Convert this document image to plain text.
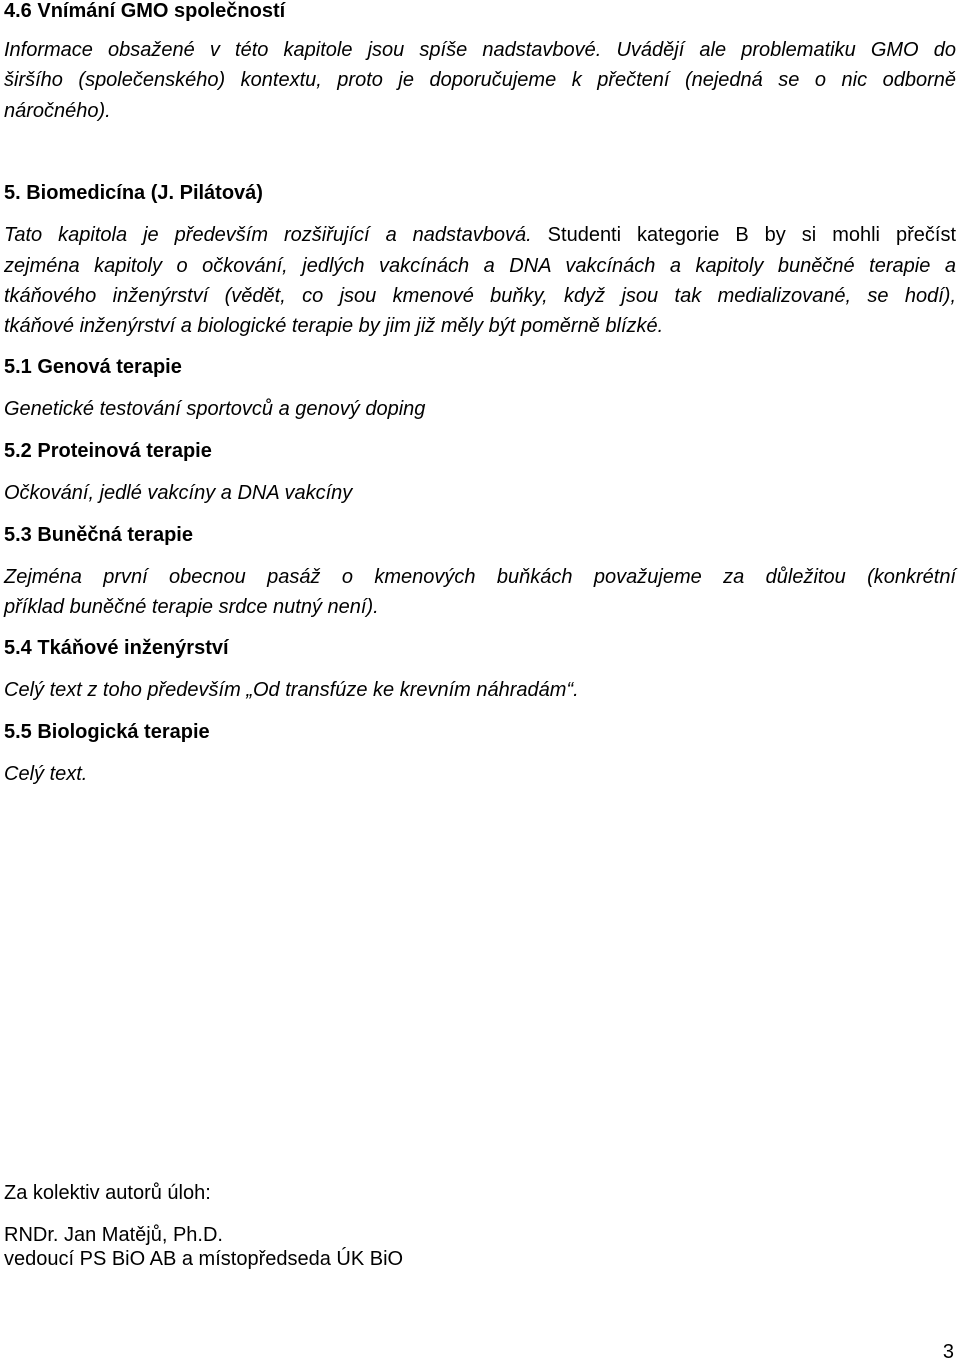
4.6 Vnímání GMO společností
Informace obsažené v této kapitole jsou spíše nadstavbové. Uvádějí ale problematiku GMO do
širšího (společenského) kontextu, proto je doporučujeme k přečtení (nejedná se o nic odborně
náročného).
5. Biomedicína (J. Pilátová)
Tato kapitola je především rozšiřující a nadstavbová. Studenti kategorie B by si mohli přečíst
zejména kapitoly o očkování, jedlých vakcínách a DNA vakcínách a kapitoly buněčné terapie a
tkáňového inženýrství (vědět, co jsou kmenové buňky, když jsou tak medializované, se hodí),
tkáňové inženýrství a biologické terapie by jim již měly být poměrně blízké.
5.1 Genová terapie
Genetické testování sportovců a genový doping
5.2 Proteinová terapie
Očkování, jedlé vakcíny a DNA vakcíny
5.3 Buněčná terapie
Zejména první obecnou pasáž o kmenových buňkách považujeme za důležitou (konkrétní
příklad buněčné terapie srdce nutný není).
5.4 Tkáňové inženýrství
Celý text z toho především „Od transfúze ke krevním náhradám“.
5.5 Biologická terapie
Celý text.
Za kolektiv autorů úloh:
RNDr. Jan Matějů, Ph.D.
vedoucí PS BiO AB a místopředseda ÚK BiO
3
